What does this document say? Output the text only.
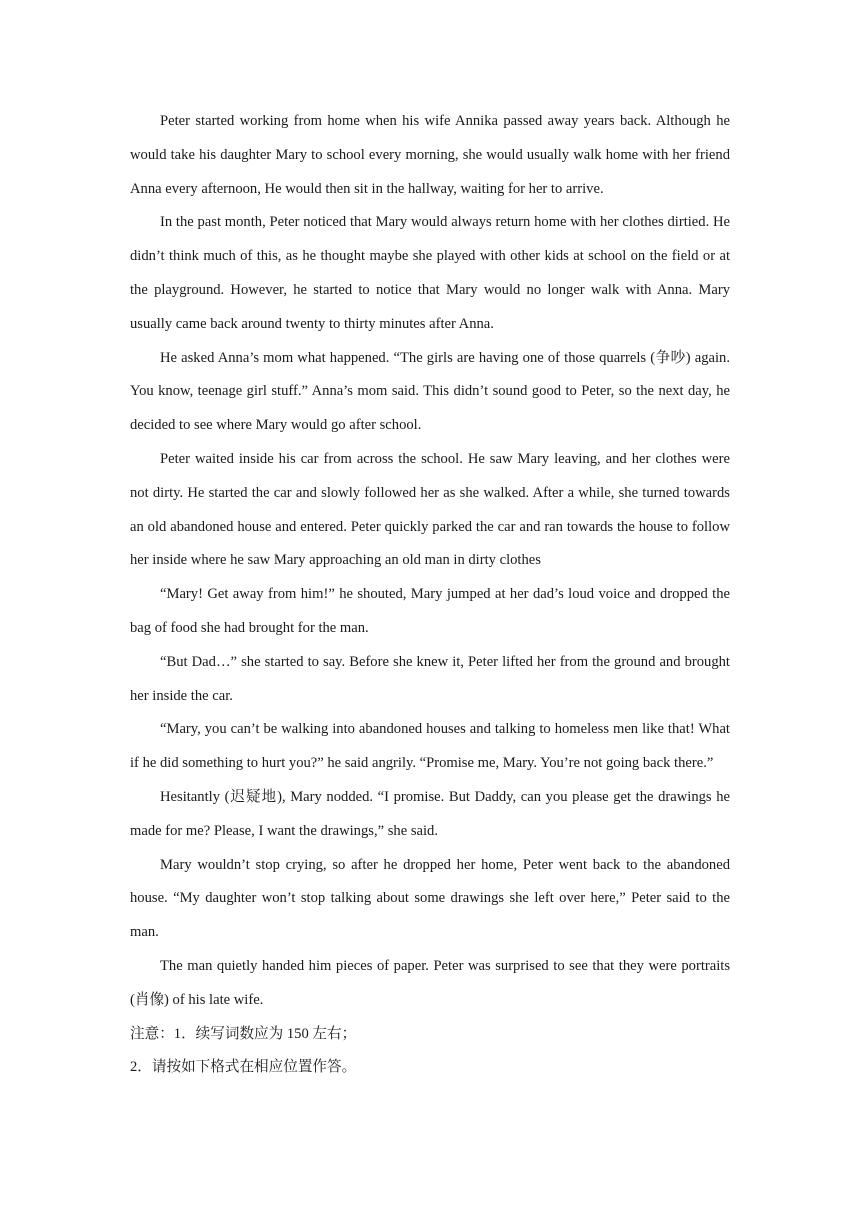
Peter started working from home when his wife Annika passed away years back. Although he would take his daughter Mary to school every morning, she would usually walk home with her friend Anna every afternoon, He would then sit in the hallway, waiting for her to arrive.

In the past month, Peter noticed that Mary would always return home with her clothes dirtied. He didn’t think much of this, as he thought maybe she played with other kids at school on the field or at the playground. However, he started to notice that Mary would no longer walk with Anna. Mary usually came back around twenty to thirty minutes after Anna.

He asked Anna’s mom what happened. “The girls are having one of those quarrels (争吵) again. You know, teenage girl stuff.” Anna’s mom said. This didn’t sound good to Peter, so the next day, he decided to see where Mary would go after school.

Peter waited inside his car from across the school. He saw Mary leaving, and her clothes were not dirty. He started the car and slowly followed her as she walked. After a while, she turned towards an old abandoned house and entered. Peter quickly parked the car and ran towards the house to follow her inside where he saw Mary approaching an old man in dirty clothes

“Mary! Get away from him!” he shouted, Mary jumped at her dad’s loud voice and dropped the bag of food she had brought for the man.

“But Dad…” she started to say. Before she knew it, Peter lifted her from the ground and brought her inside the car.

“Mary, you can’t be walking into abandoned houses and talking to homeless men like that! What if he did something to hurt you?” he said angrily. “Promise me, Mary. You’re not going back there.”

Hesitantly (迟疑地), Mary nodded. “I promise. But Daddy, can you please get the drawings he made for me? Please, I want the drawings,” she said.

Mary wouldn’t stop crying, so after he dropped her home, Peter went back to the abandoned house. “My daughter won’t stop talking about some drawings she left over here,” Peter said to the man.

The man quietly handed him pieces of paper. Peter was surprised to see that they were portraits (肖像) of his late wife.

注意：1．续写词数应为 150 左右；

2．请按如下格式在相应位置作答。
